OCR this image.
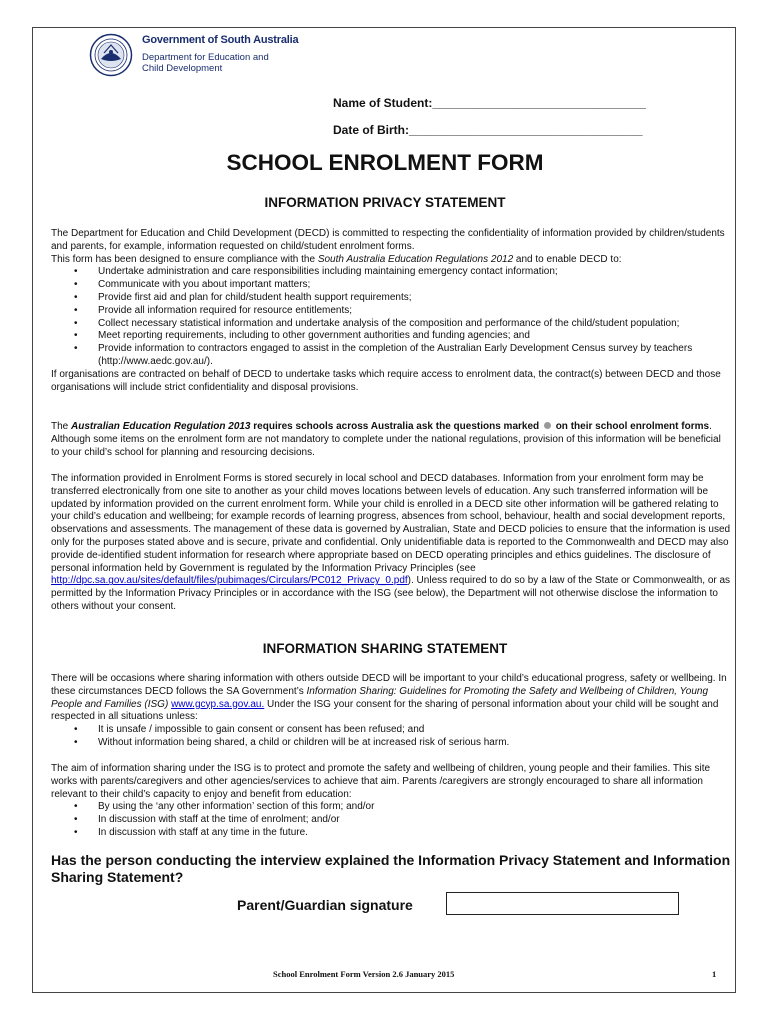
Government of South Australia
Department for Education and
Child Development
Name of Student:________________________________
Date of Birth:___________________________________
SCHOOL ENROLMENT FORM
INFORMATION PRIVACY STATEMENT

The Department for Education and Child Development (DECD) is committed to respecting the confidentiality of information provided by children/students and parents, for example, information requested on child/student enrolment forms.

This form has been designed to ensure compliance with the South Australia Education Regulations 2012 and to enable DECD to:

• Undertake administration and care responsibilities including maintaining emergency contact information;
• Communicate with you about important matters;
• Provide first aid and plan for child/student health support requirements;
• Provide all information required for resource entitlements;
• Collect necessary statistical information and undertake analysis of the composition and performance of the child/student population;
• Meet reporting requirements, including to other government authorities and funding agencies; and
• Provide information to contractors engaged to assist in the completion of the Australian Early Development Census survey by teachers (http://www.aedc.gov.au/).

If organisations are contracted on behalf of DECD to undertake tasks which require access to enrolment data, the contract(s) between DECD and those organisations will include strict confidentiality and disposal provisions.

The Australian Education Regulation 2013 requires schools across Australia ask the questions marked  on their school enrolment forms. Although some items on the enrolment form are not mandatory to complete under the national regulations, provision of this information will be beneficial to your child’s school for planning and resourcing decisions.

The information provided in Enrolment Forms is stored securely in local school and DECD databases. Information from your enrolment form may be transferred electronically from one site to another as your child moves locations between levels of education. Any such transferred information will be updated by information provided on the current enrolment form. While your child is enrolled in a DECD site other information will be gathered relating to your child’s education and wellbeing; for example records of learning progress, absences from school, behaviour, health and social development reports, observations and assessments. The management of these data is governed by Australian, State and DECD policies to ensure that the information is used only for the purposes stated above and is secure, private and confidential. Only unidentifiable data is reported to the Commonwealth and DECD may also provide de-identified student information for research where appropriate based on DECD operating principles and ethics guidelines. The disclosure of personal information held by Government is regulated by the Information Privacy Principles (see http://dpc.sa.gov.au/sites/default/files/pubimages/Circulars/PC012_Privacy_0.pdf). Unless required to do so by a law of the State or Commonwealth, or as permitted by the Information Privacy Principles or in accordance with the ISG (see below), the Department will not otherwise disclose the information to others without your consent.

INFORMATION SHARING STATEMENT

There will be occasions where sharing information with others outside DECD will be important to your child’s educational progress, safety or wellbeing. In these circumstances DECD follows the SA Government’s Information Sharing: Guidelines for Promoting the Safety and Wellbeing of Children, Young People and Families (ISG) www.gcyp.sa.gov.au. Under the ISG your consent for the sharing of personal information about your child will be sought and respected in all situations unless:

• It is unsafe / impossible to gain consent or consent has been refused; and
• Without information being shared, a child or children will be at increased risk of serious harm.

The aim of information sharing under the ISG is to protect and promote the safety and wellbeing of children, young people and their families. This site works with parents/caregivers and other agencies/services to achieve that aim. Parents /caregivers are strongly encouraged to share all information relevant to their child’s capacity to enjoy and benefit from education:

• By using the ‘any other information’ section of this form; and/or
• In discussion with staff at the time of enrolment; and/or
• In discussion with staff at any time in the future.
Has the person conducting the interview explained the Information Privacy Statement and Information Sharing Statement?
Parent/Guardian signature
School Enrolment Form Version 2.6 January 2015	1
